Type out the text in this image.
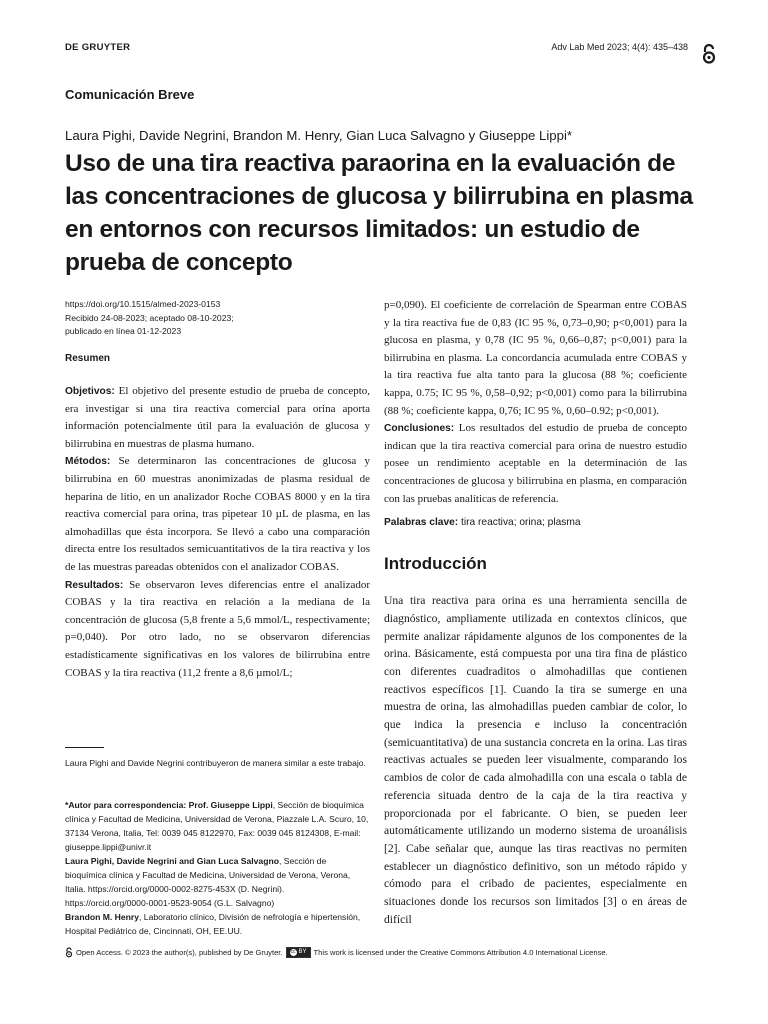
DE GRUYTER	Adv Lab Med 2023; 4(4): 435–438
Comunicación Breve
Laura Pighi, Davide Negrini, Brandon M. Henry, Gian Luca Salvagno y Giuseppe Lippi*
Uso de una tira reactiva paraorina en la evaluación de las concentraciones de glucosa y bilirrubina en plasma en entornos con recursos limitados: un estudio de prueba de concepto
https://doi.org/10.1515/almed-2023-0153
Recibido 24-08-2023; aceptado 08-10-2023;
publicado en línea 01-12-2023
Resumen

Objetivos: El objetivo del presente estudio de prueba de concepto, era investigar si una tira reactiva comercial para orina aporta información potencialmente útil para la evaluación de glucosa y bilirrubina en muestras de plasma humano.

Métodos: Se determinaron las concentraciones de glucosa y bilirrubina en 60 muestras anonimizadas de plasma residual de heparina de litio, en un analizador Roche COBAS 8000 y en la tira reactiva comercial para orina, tras pipetear 10 µL de plasma, en las almohadillas que ésta incorpora. Se llevó a cabo una comparación directa entre los resultados semicuantitativos de la tira reactiva y los de las muestras pareadas obtenidos con el analizador COBAS.

Resultados: Se observaron leves diferencias entre el analizador COBAS y la tira reactiva en relación a la mediana de la concentración de glucosa (5,8 frente a 5,6 mmol/L, respectivamente; p=0,040). Por otro lado, no se observaron diferencias estadísticamente significativas en los valores de bilirrubina entre COBAS y la tira reactiva (11,2 frente a 8,6 µmol/L;

p=0,090). El coeficiente de correlación de Spearman entre COBAS y la tira reactiva fue de 0,83 (IC 95 %, 0,73–0,90; p<0,001) para la glucosa en plasma, y 0,78 (IC 95 %, 0,66–0,87; p<0,001) para la bilirrubina en plasma. La concordancia acumulada entre COBAS y la tira reactiva fue alta tanto para la glucosa (88 %; coeficiente kappa, 0.75; IC 95 %, 0,58–0,92; p<0,001) como para la bilirrubina (88 %; coeficiente kappa, 0,76; IC 95 %, 0,60–0.92; p<0,001).

Conclusiones: Los resultados del estudio de prueba de concepto indican que la tira reactiva comercial para orina de nuestro estudio posee un rendimiento aceptable en la determinación de las concentraciones de glucosa y bilirrubina en plasma, en comparación con las pruebas analíticas de referencia.

Palabras clave: tira reactiva; orina; plasma
Introducción

Una tira reactiva para orina es una herramienta sencilla de diagnóstico, ampliamente utilizada en contextos clínicos, que permite analizar rápidamente algunos de los componentes de la orina. Básicamente, está compuesta por una tira fina de plástico con diferentes cuadraditos o almohadillas que contienen reactivos específicos [1]. Cuando la tira se sumerge en una muestra de orina, las almohadillas pueden cambiar de color, lo que indica la presencia e incluso la concentración (semicuantitativa) de una sustancia concreta en la orina. Las tiras reactivas actuales se pueden leer visualmente, comparando los cambios de color de cada almohadilla con una escala o tabla de referencia situada dentro de la caja de la tira reactiva y proporcionada por el fabricante. O bien, se pueden leer automáticamente utilizando un moderno sistema de uroanálisis [2]. Cabe señalar que, aunque las tiras reactivas no permiten establecer un diagnóstico definitivo, son un método rápido y cómodo para el cribado de pacientes, especialmente en situaciones donde los recursos son limitados [3] o en áreas de difícil

Laura Pighi and Davide Negrini contribuyeron de manera similar a este trabajo.

*Autor para correspondencia: Prof. Giuseppe Lippi, Sección de bioquímica clínica y Facultad de Medicina, Universidad de Verona, Piazzale L.A. Scuro, 10, 37134 Verona, Italia, Tel: 0039 045 8122970, Fax: 0039 045 8124308, E-mail: giuseppe.lippi@univr.it

Laura Pighi, Davide Negrini and Gian Luca Salvagno, Sección de bioquímica clínica y Facultad de Medicina, Universidad de Verona, Verona, Italia. https://orcid.org/0000-0002-8275-453X (D. Negrini). https://orcid.org/0000-0001-9523-9054 (G.L. Salvagno)

Brandon M. Henry, Laboratorio clínico, División de nefrología e hipertensión, Hospital Pediátrico de, Cincinnati, OH, EE.UU.

Open Access. © 2023 the author(s), published by De Gruyter. cc BY This work is licensed under the Creative Commons Attribution 4.0 International License.
